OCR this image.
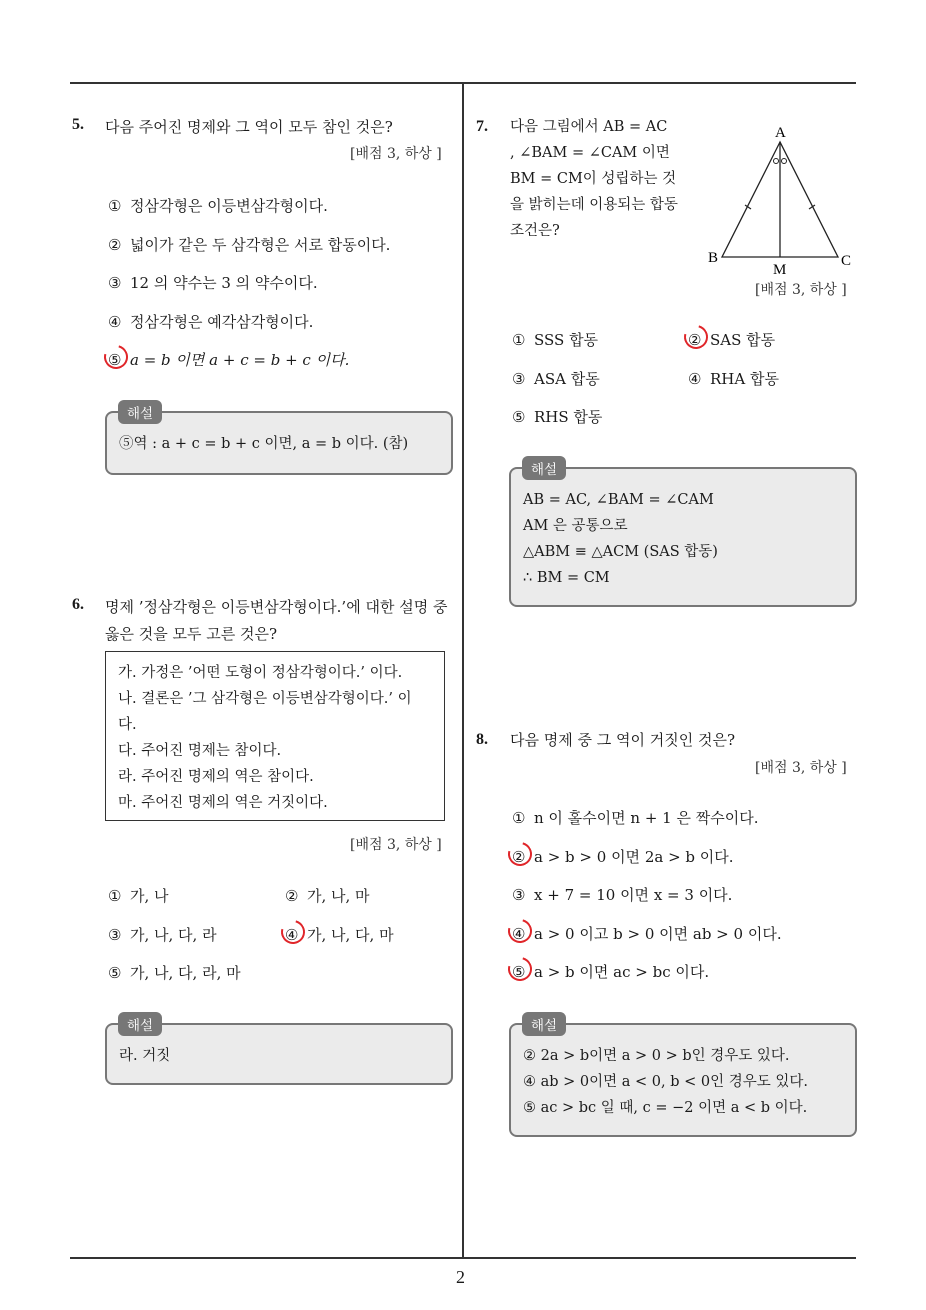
5. 다음 주어진 명제와 그 역이 모두 참인 것은?
[배점 3, 하상 ]
① 정삼각형은 이등변삼각형이다.
② 넓이가 같은 두 삼각형은 서로 합동이다.
③ 12 의 약수는 3 의 약수이다.
④ 정삼각형은 예각삼각형이다.
⑤ a = b 이면 a + c = b + c 이다.
⑤역 : a + c = b + c 이면, a = b 이다. (참)
해설
6. 명제 ’정삼각형은 이등변삼각형이다.’에 대한 설명 중
옳은 것을 모두 고른 것은?
가. 가정은 ’어떤 도형이 정삼각형이다.’ 이다.
나. 결론은 ’그 삼각형은 이등변삼각형이다.’ 이
다.
다. 주어진 명제는 참이다.
라. 주어진 명제의 역은 참이다.
마. 주어진 명제의 역은 거짓이다.
[배점 3, 하상 ]
① 가, 나	② 가, 나, 마
③ 가, 나, 다, 라	④ 가, 나, 다, 마
⑤ 가, 나, 다, 라, 마
라. 거짓
해설
7. 다음 그림에서 AB = AC
, ∠BAM = ∠CAM 이면
BM = CM이 성립하는 것
을 밝히는데 이용되는 합동
조건은?
A
B	C
M
[배점 3, 하상 ]
① SSS 합동	② SAS 합동
③ ASA 합동	④ RHA 합동
⑤ RHS 합동
AB = AC, ∠BAM = ∠CAM
AM 은 공통으로
△ABM ≡ △ACM (SAS 합동)
∴ BM = CM
해설
8. 다음 명제 중 그 역이 거짓인 것은?
[배점 3, 하상 ]
① n 이 홀수이면 n + 1 은 짝수이다.
② a > b > 0 이면 2a > b 이다.
③ x + 7 = 10 이면 x = 3 이다.
④ a > 0 이고 b > 0 이면 ab > 0 이다.
⑤ a > b 이면 ac > bc 이다.
② 2a > b이면 a > 0 > b인 경우도 있다.
④ ab > 0이면 a < 0, b < 0인 경우도 있다.
⑤ ac > bc 일 때, c = −2 이면 a < b 이다.
해설
2
